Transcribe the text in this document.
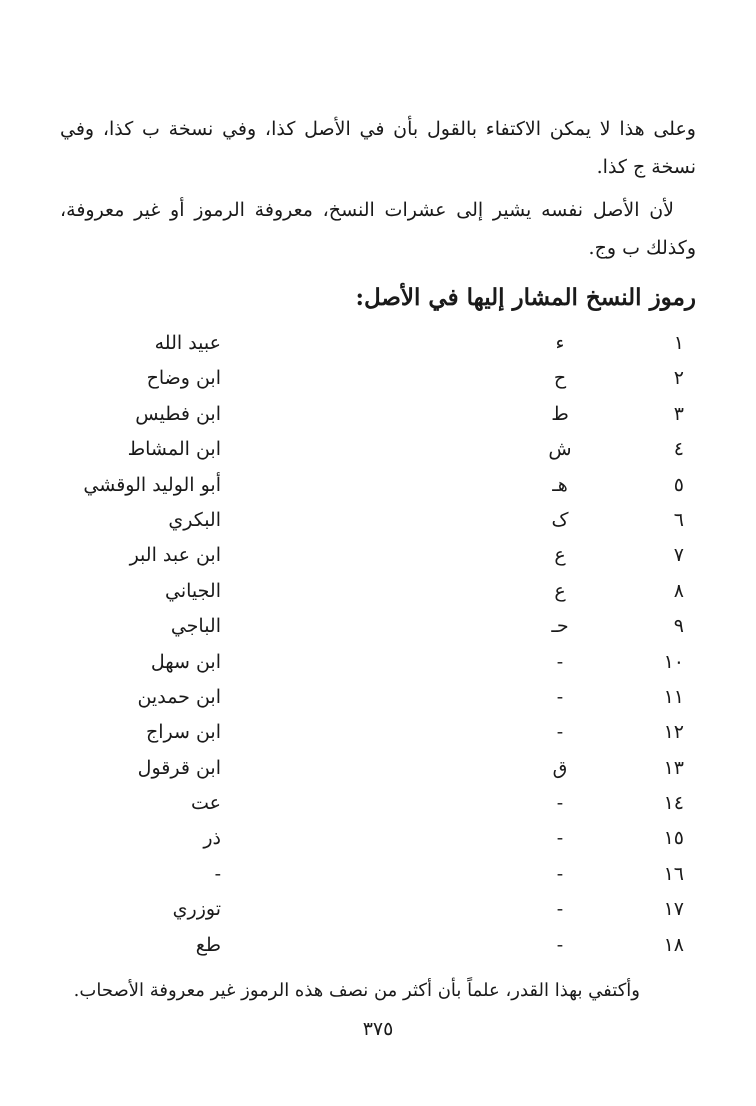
وعلى هذا لا يمكن الاكتفاء بالقول بأن في الأصل كذا، وفي نسخة ب كذا، وفي نسخة ج كذا.

لأن الأصل نفسه يشير إلى عشرات النسخ، معروفة الرموز أو غير معروفة، وكذلك ب وج.

رموز النسخ المشار إليها في الأصل:
١
ء
عبيد الله
٢
ح
ابن وضاح
٣
ط
ابن فطيس
٤
ش
ابن المشاط
٥
هـ
أبو الوليد الوقشي
٦
ک
البكري
٧
ع
ابن عبد البر
٨
ع
الجياني
٩
حـ
الباجي
١٠
-
ابن سهل
١١
-
ابن حمدين
١٢
-
ابن سراج
١٣
ق
ابن قرقول
١٤
-
عت
١٥
-
ذر
١٦
-
-
١٧
-
توزري
١٨
-
طع

وأكتفي بهذا القدر، علماً بأن أكثر من نصف هذه الرموز غير معروفة الأصحاب.

٣٧٥
